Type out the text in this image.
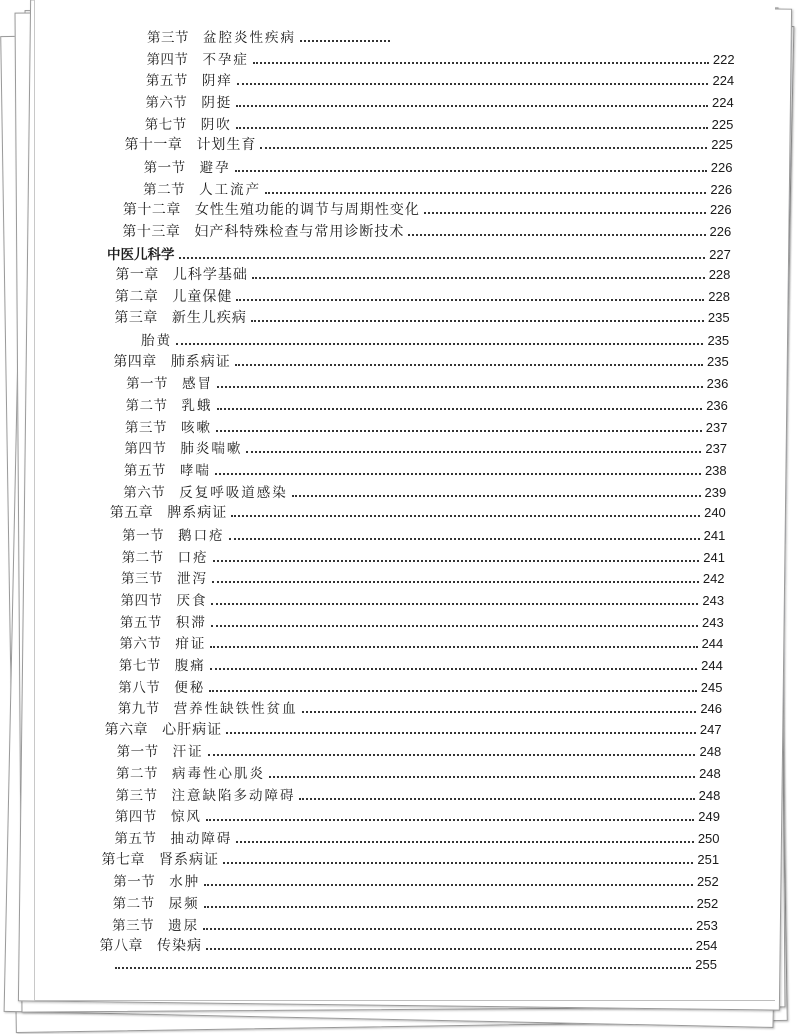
第三节 盆腔炎性疾病
第四节 不孕症	222
第五节 阴痒	224
第六节 阴挺	224
第七节 阴吹	225
第十一章 计划生育	225
第一节 避孕	226
第二节 人工流产	226
第十二章 女性生殖功能的调节与周期性变化	226
第十三章 妇产科特殊检查与常用诊断技术	226
中医儿科学	227
第一章 儿科学基础	228
第二章 儿童保健	228
第三章 新生儿疾病	235
胎黄	235
第四章 肺系病证	235
第一节 感冒	236
第二节 乳蛾	236
第三节 咳嗽	237
第四节 肺炎喘嗽	237
第五节 哮喘	238
第六节 反复呼吸道感染	239
第五章 脾系病证	240
第一节 鹅口疮	241
第二节 口疮	241
第三节 泄泻	242
第四节 厌食	243
第五节 积滞	243
第六节 疳证	244
第七节 腹痛	244
第八节 便秘	245
第九节 营养性缺铁性贫血	246
第六章 心肝病证	247
第一节 汗证	248
第二节 病毒性心肌炎	248
第三节 注意缺陷多动障碍	248
第四节 惊风	249
第五节 抽动障碍	250
第七章 肾系病证	251
第一节 水肿	252
第二节 尿频	252
第三节 遗尿	253
第八章 传染病	254
255
